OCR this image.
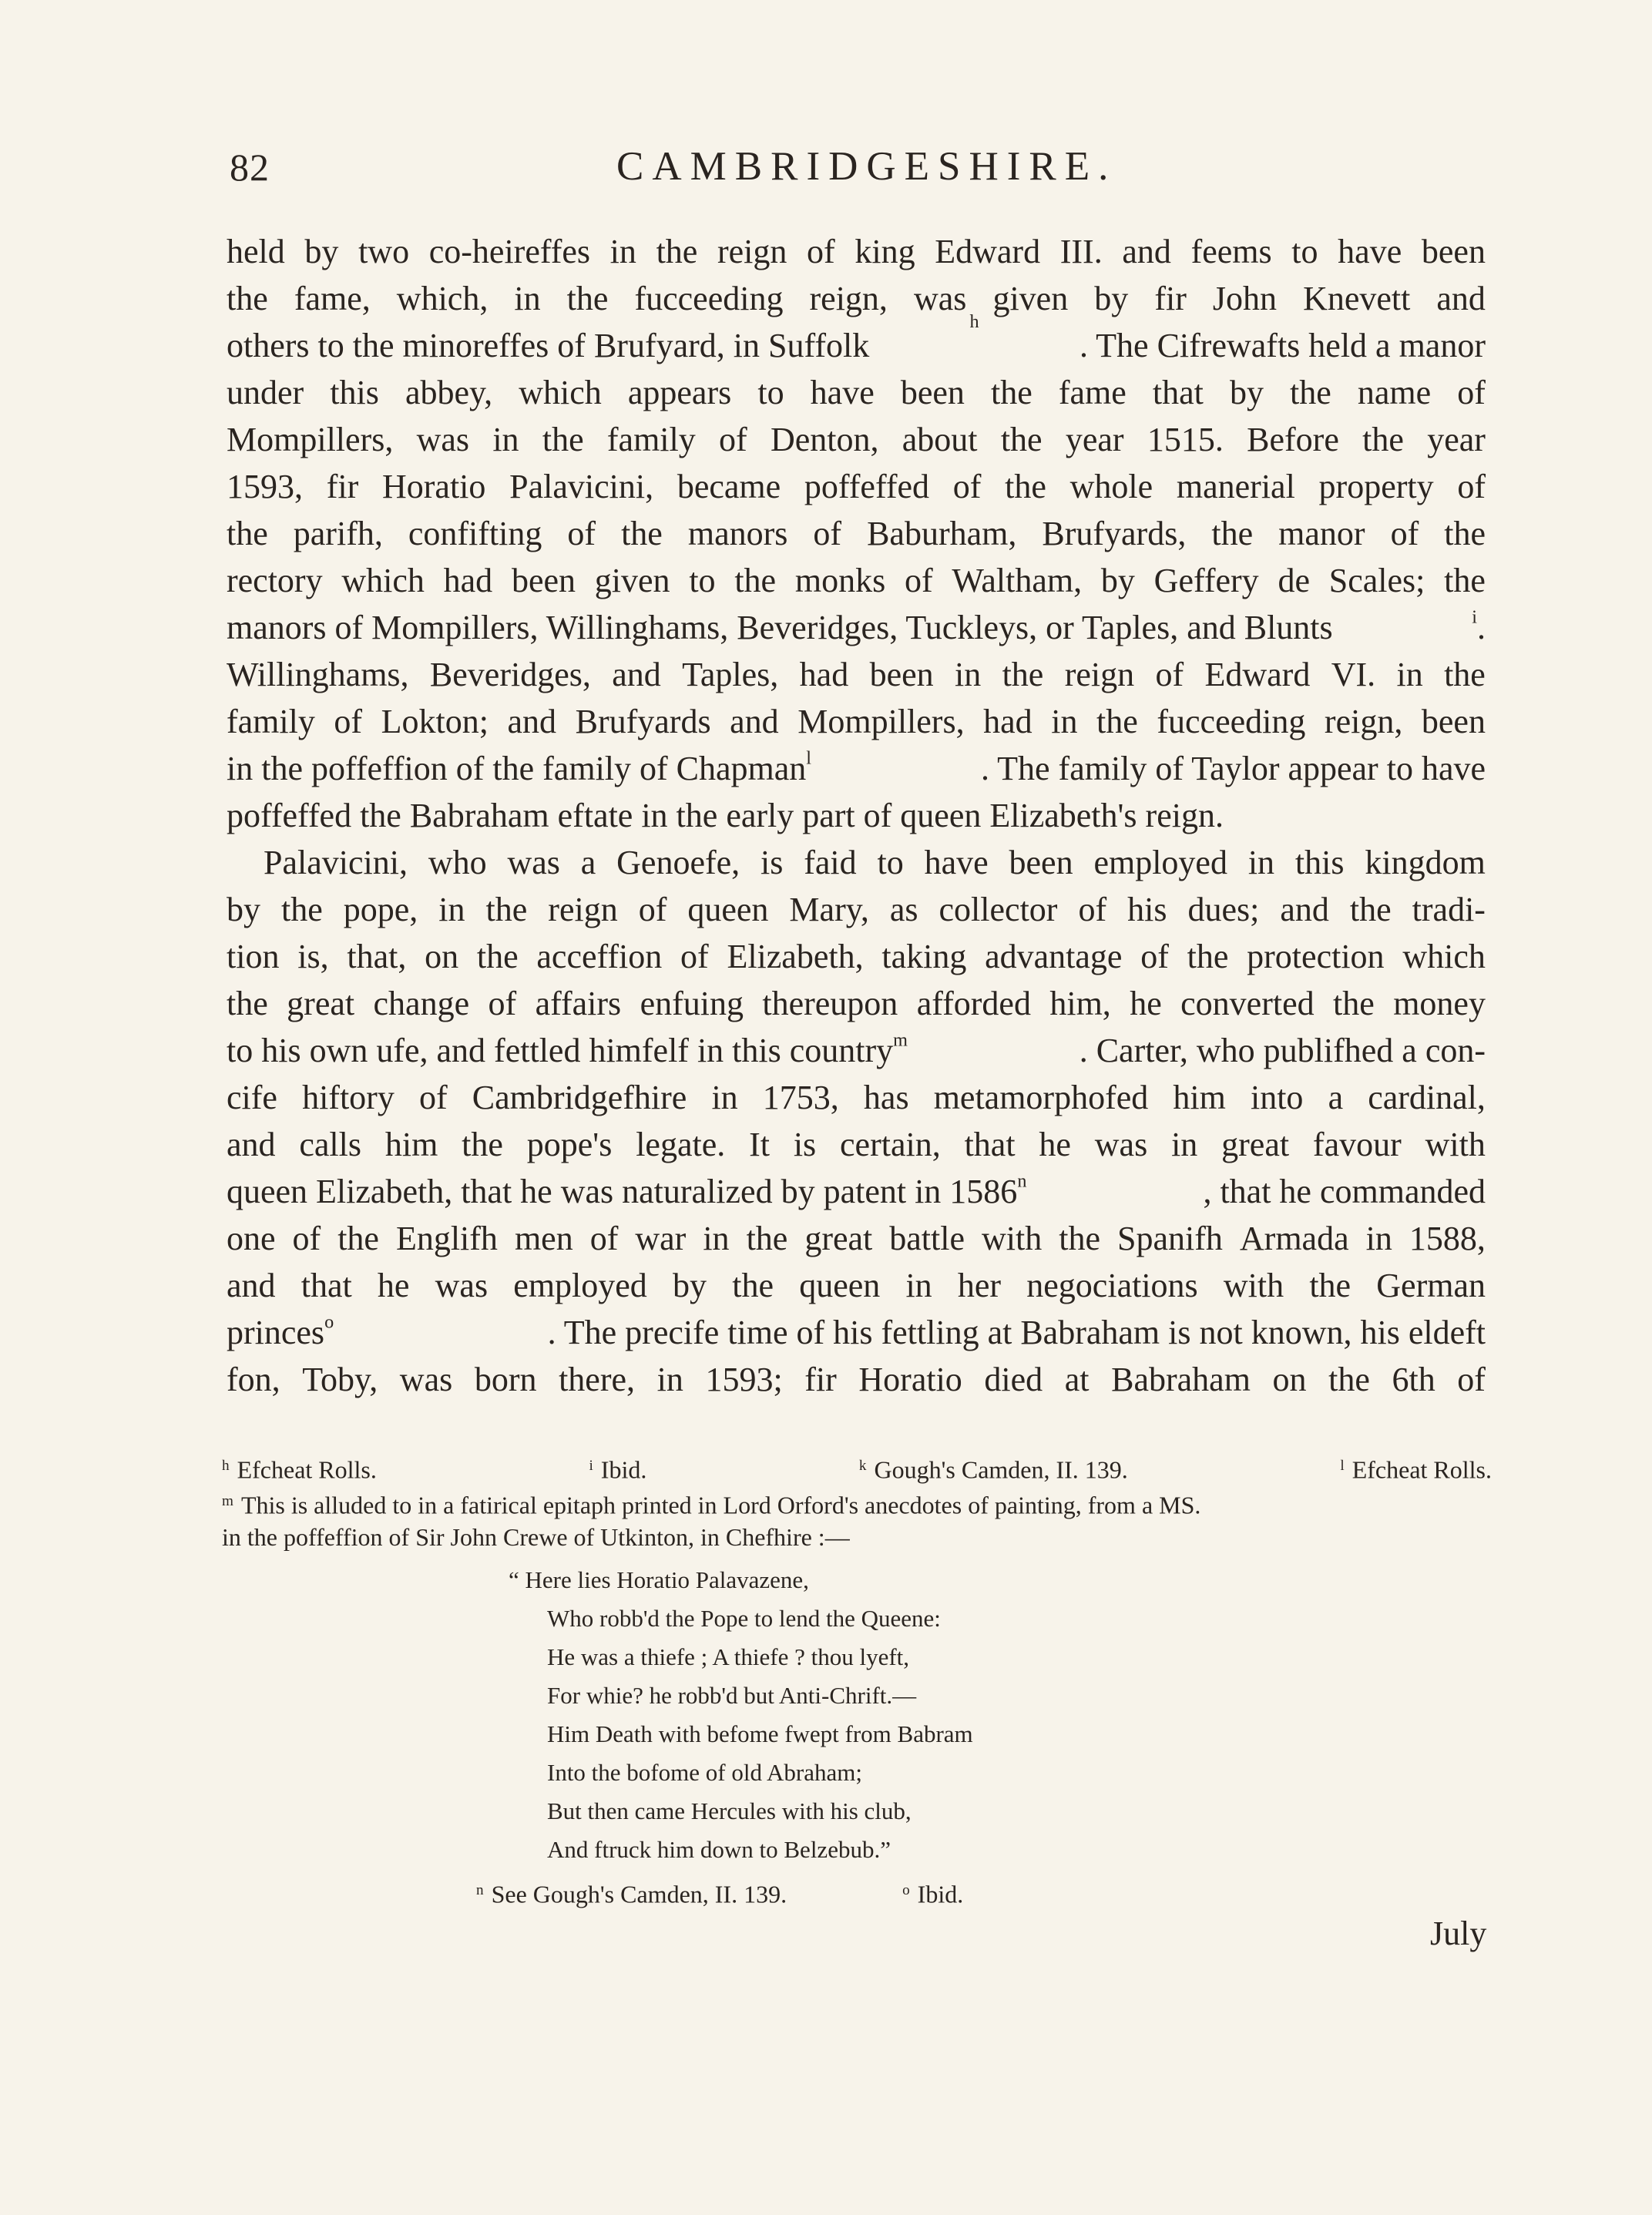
82	CAMBRIDGESHIRE.
held by two co-heireffes in the reign of king Edward III. and feems to have been
the fame, which, in the fucceeding reign, was given by fir John Knevett and
others to the minoreffes of Brufyard, in Suffolk
h
. The Cifrewafts held a manor
under this abbey, which appears to have been the fame that by the name of
Mompillers, was in the family of Denton, about the year 1515. Before the year
1593, fir Horatio Palavicini, became poffeffed of the whole manerial property of
the parifh, confifting of the manors of Baburham, Brufyards, the manor of the
rectory which had been given to the monks of Waltham, by Geffery de Scales; the
manors of Mompillers, Willinghams, Beveridges, Tuckleys, or Taples, and Blunts	$^i$.
Willinghams, Beveridges, and Taples, had been in the reign of Edward VI. in the
family of Lokton; and Brufyards and Mompillers, had in the fucceeding reign, been
in the poffeffion of the family of Chapman$^l$	. The family of Taylor appear to have
poffeffed the Babraham eftate in the early part of queen Elizabeth's reign.
Palavicini, who was a Genoefe, is faid to have been employed in this kingdom
by the pope, in the reign of queen Mary, as collector of his dues; and the tradi-
tion is, that, on the acceffion of Elizabeth, taking advantage of the protection which
the great change of affairs enfuing thereupon afforded him, he converted the money
to his own ufe, and fettled himfelf in this country$^m$	. Carter, who publifhed a con-
cife hiftory of Cambridgefhire in 1753, has metamorphofed him into a cardinal,
and calls him the pope's legate. It is certain, that he was in great favour with
queen Elizabeth, that he was naturalized by patent in 1586$^n$	, that he commanded
one of the Englifh men of war in the great battle with the Spanifh Armada in 1588,
and that he was employed by the queen in her negociations with the German
princes$^o$	. The precife time of his fettling at Babraham is not known, his eldeft
fon, Toby, was born there, in 1593; fir Horatio died at Babraham on the 6th of
$^h$ Efcheat Rolls.	$^i$ Ibid.	$^k$ Gough's Camden, II. 139.	$^l$ Efcheat Rolls.
$^m$ This is alluded to in a fatirical epitaph printed in Lord Orford's anecdotes of painting, from a MS.
in the poffeffion of Sir John Crewe of Utkinton, in Chefhire :—
“ Here lies Horatio Palavazene,
Who robb'd the Pope to lend the Queene:
He was a thiefe ; A thiefe ? thou lyeft,
For whie? he robb'd but Anti-Chrift.—
Him Death with befome fwept from Babram
Into the bofome of old Abraham;
But then came Hercules with his club,
And ftruck him down to Belzebub.”
$^n$ See Gough's Camden, II. 139.	$^o$ Ibid.
July
